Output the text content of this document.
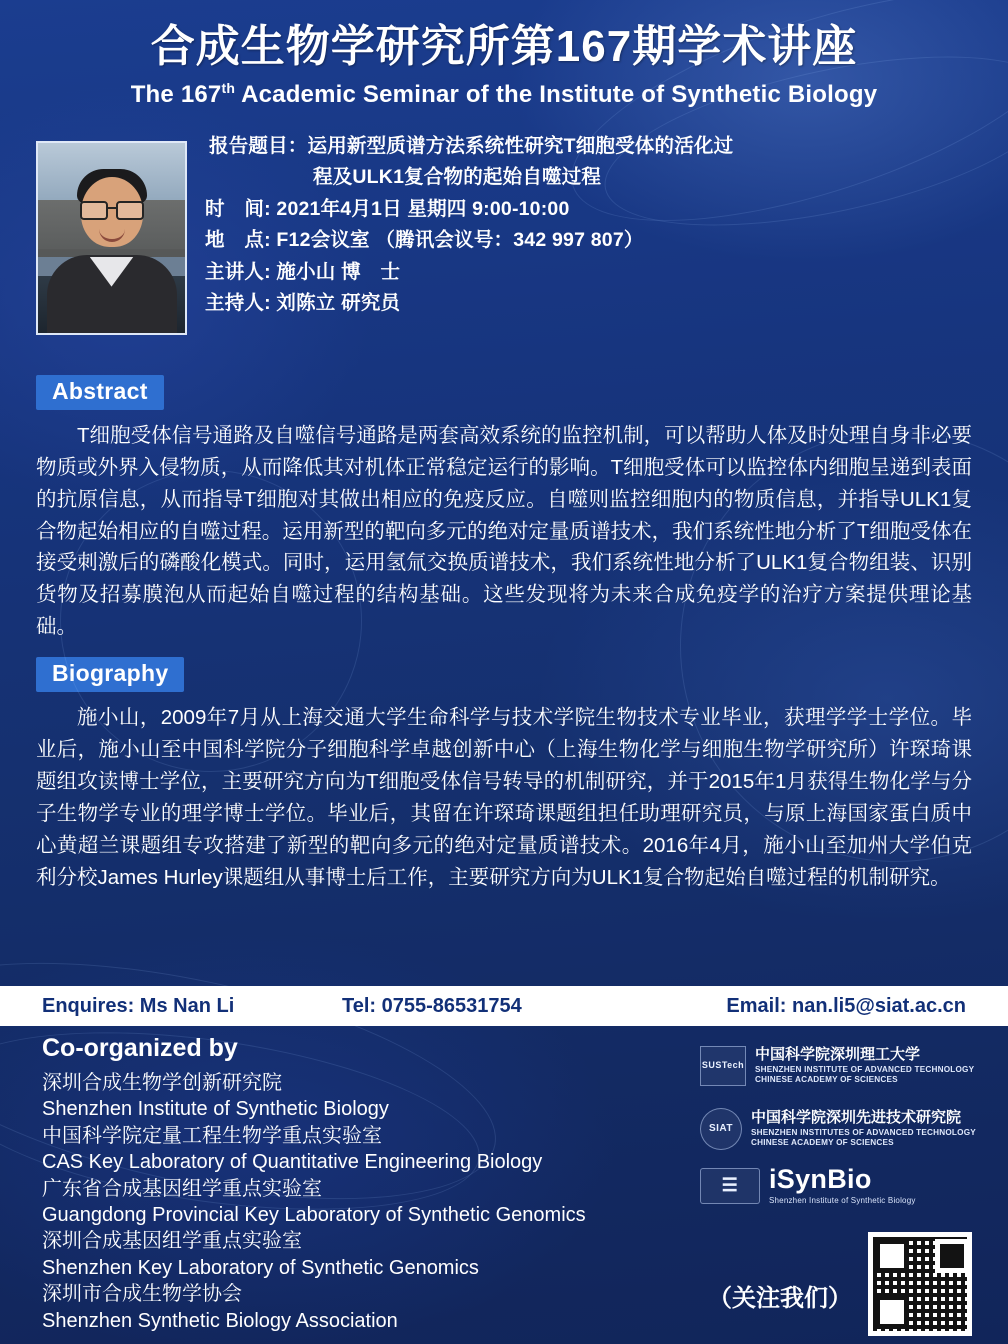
合成生物学研究所第167期学术讲座
The 167th Academic Seminar of the Institute of Synthetic Biology
报告题目：运用新型质谱方法系统性研究T细胞受体的活化过
程及ULK1复合物的起始自噬过程
时　间: 2021年4月1日 星期四 9:00-10:00
地　点: F12会议室 （腾讯会议号：342 997 807）
主讲人: 施小山 博　士
主持人: 刘陈立 研究员
Abstract
T细胞受体信号通路及自噬信号通路是两套高效系统的监控机制，可以帮助人体及时处理自身非必要物质或外界入侵物质，从而降低其对机体正常稳定运行的影响。T细胞受体可以监控体内细胞呈递到表面的抗原信息，从而指导T细胞对其做出相应的免疫反应。自噬则监控细胞内的物质信息，并指导ULK1复合物起始相应的自噬过程。运用新型的靶向多元的绝对定量质谱技术，我们系统性地分析了T细胞受体在接受刺激后的磷酸化模式。同时，运用氢氚交换质谱技术，我们系统性地分析了ULK1复合物组装、识别货物及招募膜泡从而起始自噬过程的结构基础。这些发现将为未来合成免疫学的治疗方案提供理论基础。
Biography
施小山，2009年7月从上海交通大学生命科学与技术学院生物技术专业毕业，获理学学士学位。毕业后，施小山至中国科学院分子细胞科学卓越创新中心（上海生物化学与细胞生物学研究所）许琛琦课题组攻读博士学位，主要研究方向为T细胞受体信号转导的机制研究，并于2015年1月获得生物化学与分子生物学专业的理学博士学位。毕业后，其留在许琛琦课题组担任助理研究员，与原上海国家蛋白质中心黄超兰课题组专攻搭建了新型的靶向多元的绝对定量质谱技术。2016年4月，施小山至加州大学伯克利分校James Hurley课题组从事博士后工作，主要研究方向为ULK1复合物起始自噬过程的机制研究。
Enquires: Ms Nan Li	Tel: 0755-86531754	Email: nan.li5@siat.ac.cn
Co-organized by
深圳合成生物学创新研究院
Shenzhen Institute of Synthetic Biology
中国科学院定量工程生物学重点实验室
CAS Key Laboratory of Quantitative Engineering Biology
广东省合成基因组学重点实验室
Guangdong Provincial Key Laboratory of Synthetic Genomics
深圳合成基因组学重点实验室
Shenzhen Key Laboratory of Synthetic Genomics
深圳市合成生物学协会
Shenzhen Synthetic Biology Association
SUSTech
中国科学院深圳理工大学
SHENZHEN INSTITUTE OF ADVANCED TECHNOLOGY
CHINESE ACADEMY OF SCIENCES
SIAT
中国科学院深圳先进技术研究院
SHENZHEN INSTITUTES OF ADVANCED TECHNOLOGY
CHINESE ACADEMY OF SCIENCES
☰ iSynBio
Shenzhen Institute of Synthetic Biology
（关注我们）
